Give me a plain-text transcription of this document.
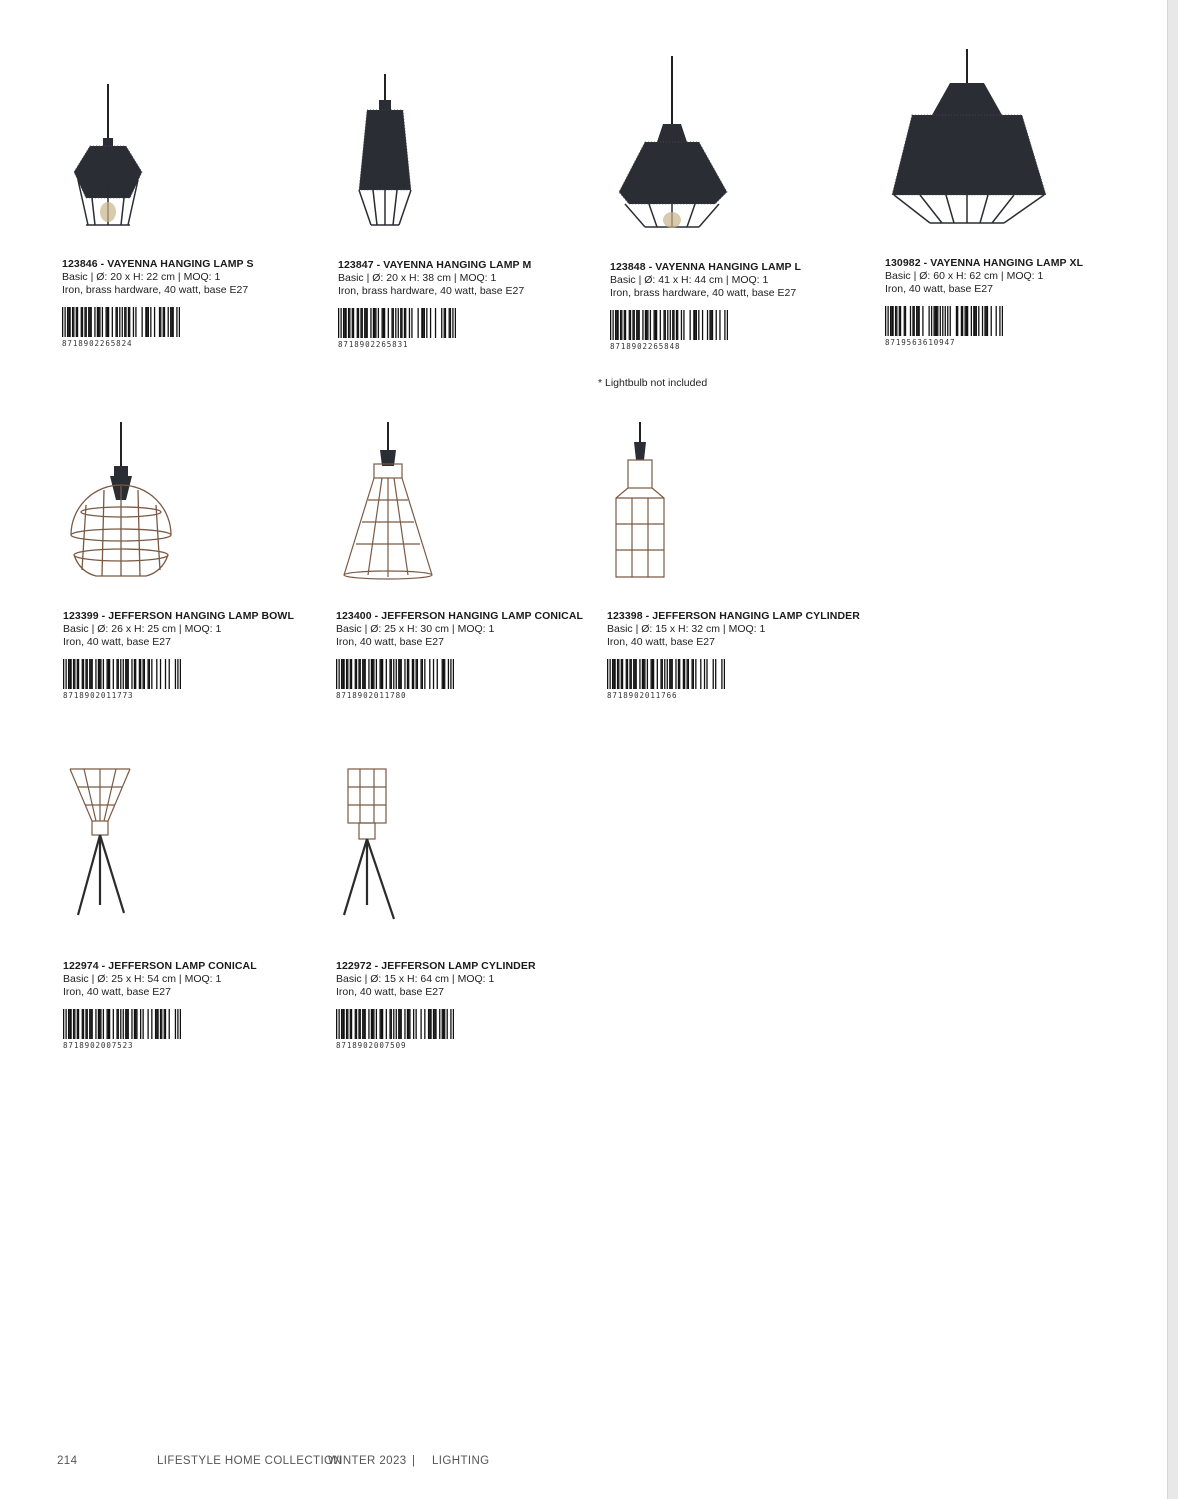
123846 - VAYENNA HANGING LAMP S
Basic | Ø: 20 x H: 22 cm | MOQ: 1
Iron, brass hardware, 40 watt, base E27
8718902265824
123847 - VAYENNA HANGING LAMP M
Basic | Ø: 20 x H: 38 cm | MOQ: 1
Iron, brass hardware, 40 watt, base E27
8718902265831
123848 - VAYENNA HANGING LAMP L
Basic | Ø: 41 x H: 44 cm | MOQ: 1
Iron, brass hardware, 40 watt, base E27
8718902265848
130982 - VAYENNA HANGING LAMP XL
Basic | Ø: 60 x H: 62 cm | MOQ: 1
Iron, 40 watt, base E27
8719563610947
* Lightbulb not included
123399 - JEFFERSON HANGING LAMP BOWL
Basic | Ø: 26 x H: 25 cm | MOQ: 1
Iron, 40 watt, base E27
8718902011773
123400 - JEFFERSON HANGING LAMP CONICAL
Basic | Ø: 25 x H: 30 cm | MOQ: 1
Iron, 40 watt, base E27
8718902011780
123398 - JEFFERSON HANGING LAMP CYLINDER
Basic | Ø: 15 x H: 32 cm | MOQ: 1
Iron, 40 watt, base E27
8718902011766
122974 - JEFFERSON LAMP CONICAL
Basic | Ø: 25 x H: 54 cm | MOQ: 1
Iron, 40 watt, base E27
8718902007523
122972 - JEFFERSON LAMP CYLINDER
Basic | Ø: 15 x H: 64 cm | MOQ: 1
Iron, 40 watt, base E27
8718902007509
214	LIFESTYLE HOME COLLECTION
WINTER 2023 | LIGHTING
